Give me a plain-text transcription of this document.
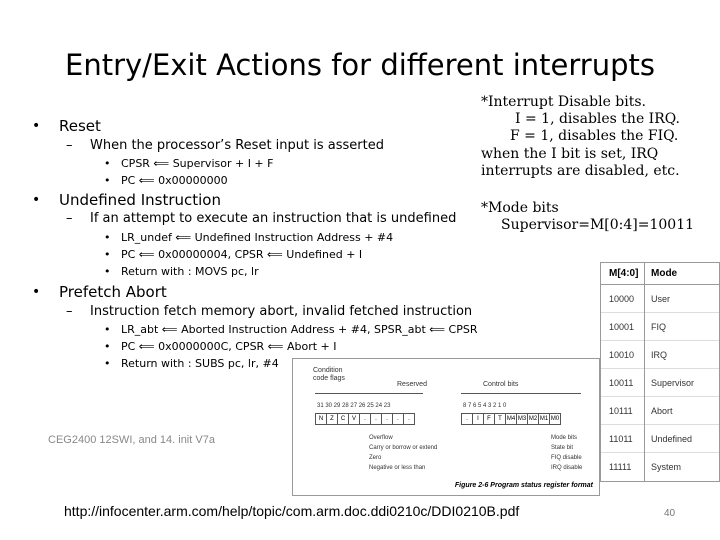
Entry/Exit Actions for different interrupts
• Reset
– When the processor’s Reset input is asserted
• CPSR ⟸ Supervisor + I + F
• PC ⟸ 0x00000000
• Undefined Instruction
– If an attempt to execute an instruction that is undefined
• LR_undef ⟸ Undefined Instruction Address + #4
• PC ⟸ 0x00000004, CPSR ⟸ Undefined + I
• Return with : MOVS pc, lr
• Prefetch Abort
– Instruction fetch memory abort, invalid fetched instruction
• LR_abt ⟸ Aborted Instruction Address + #4, SPSR_abt ⟸ CPSR
• PC ⟸ 0x0000000C, CPSR ⟸ Abort + I
• Return with : SUBS pc, lr, #4
*Interrupt Disable bits.
I = 1, disables the IRQ.
F = 1, disables the FIQ.
when the I bit is set, IRQ
interrupts are disabled, etc.
*Mode bits
Supervisor=M[0:4]=10011
M[4:0]	Mode
10000	User
10001	FIQ
10010	IRQ
10011	Supervisor
10111	Abort
11011	Undefined
11111	System
Condition code flags
Reserved	Control bits
31 30 29 28 27 26 25 24 23	8 7 6 5 4 3 2 1 0
N	Z	C	V	.	.	.	.	.	.	I	F	T M4 M3 M2 M1 M0
Overflow
Carry or borrow or extend
Zero
Negative or less than
Mode bits
State bit
FIQ disable
IRQ disable
Figure 2-6 Program status register format
CEG2400 12SWI, and 14. init V7a
http://infocenter.arm.com/help/topic/com.arm.doc.ddi0210c/DDI0210B.pdf	40
